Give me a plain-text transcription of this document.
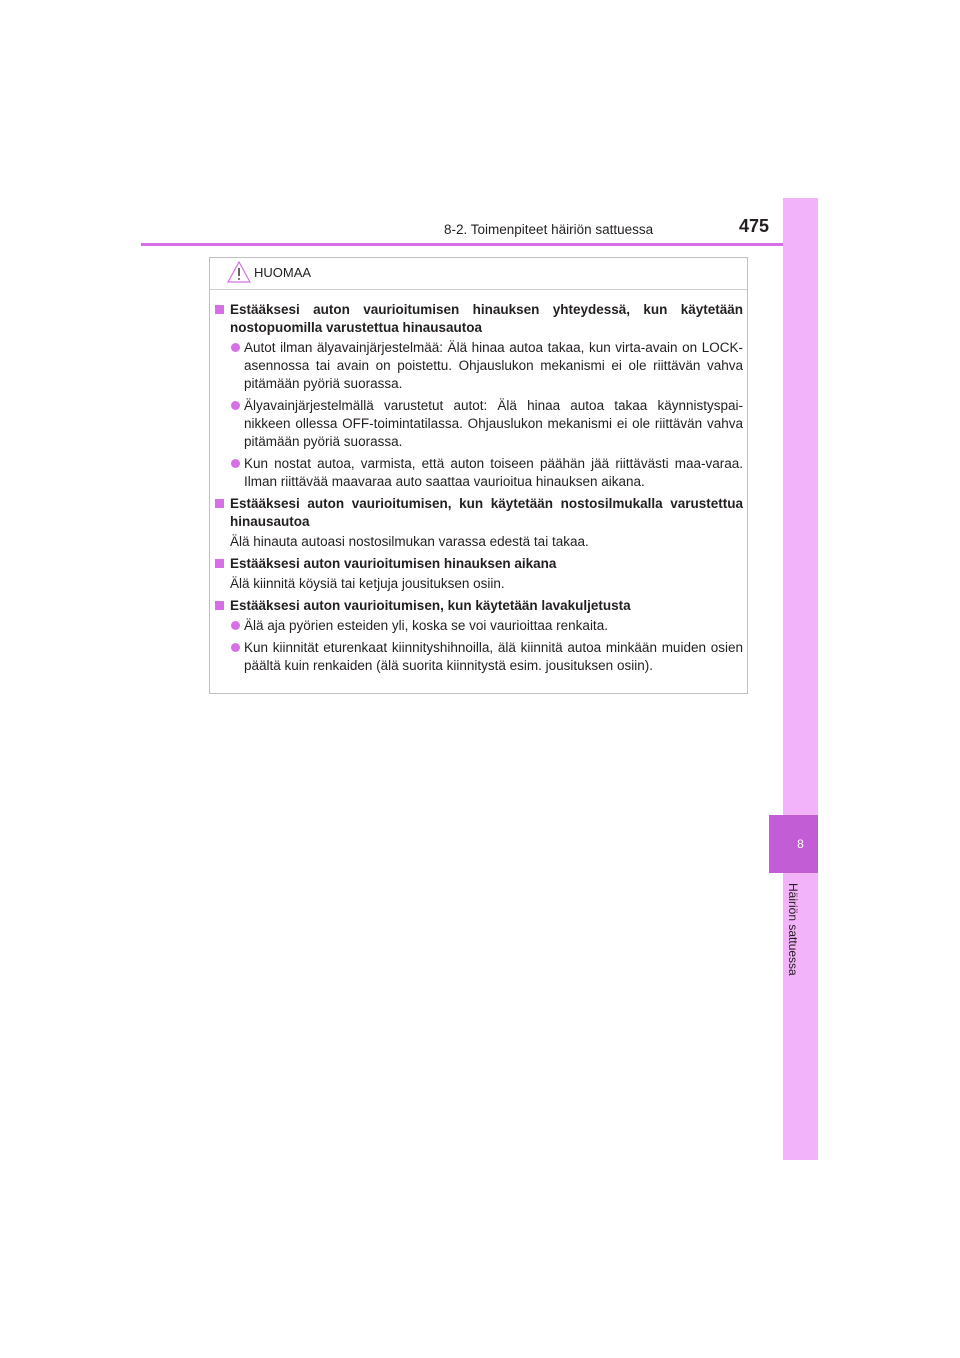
8-2. Toimenpiteet häiriön sattuessa	475
8
Häiriön sattuessa
HUOMAA
Estääksesi auton vaurioitumisen hinauksen yhteydessä, kun käytetään nostopuomilla varustettua hinausautoa
Autot ilman älyavainjärjestelmää: Älä hinaa autoa takaa, kun virta-avain on LOCK-asennossa tai avain on poistettu. Ohjauslukon mekanismi ei ole riittävän vahva pitämään pyöriä suorassa.
Älyavainjärjestelmällä varustetut autot: Älä hinaa autoa takaa käynnistyspai-nikkeen ollessa OFF-toimintatilassa. Ohjauslukon mekanismi ei ole riittävän vahva pitämään pyöriä suorassa.
Kun nostat autoa, varmista, että auton toiseen päähän jää riittävästi maa-varaa. Ilman riittävää maavaraa auto saattaa vaurioitua hinauksen aikana.
Estääksesi auton vaurioitumisen, kun käytetään nostosilmukalla varustettua hinausautoa
Älä hinauta autoasi nostosilmukan varassa edestä tai takaa.
Estääksesi auton vaurioitumisen hinauksen aikana
Älä kiinnitä köysiä tai ketjuja jousituksen osiin.
Estääksesi auton vaurioitumisen, kun käytetään lavakuljetusta
Älä aja pyörien esteiden yli, koska se voi vaurioittaa renkaita.
Kun kiinnität eturenkaat kiinnityshihnoilla, älä kiinnitä autoa minkään muiden osien päältä kuin renkaiden (älä suorita kiinnitystä esim. jousituksen osiin).
